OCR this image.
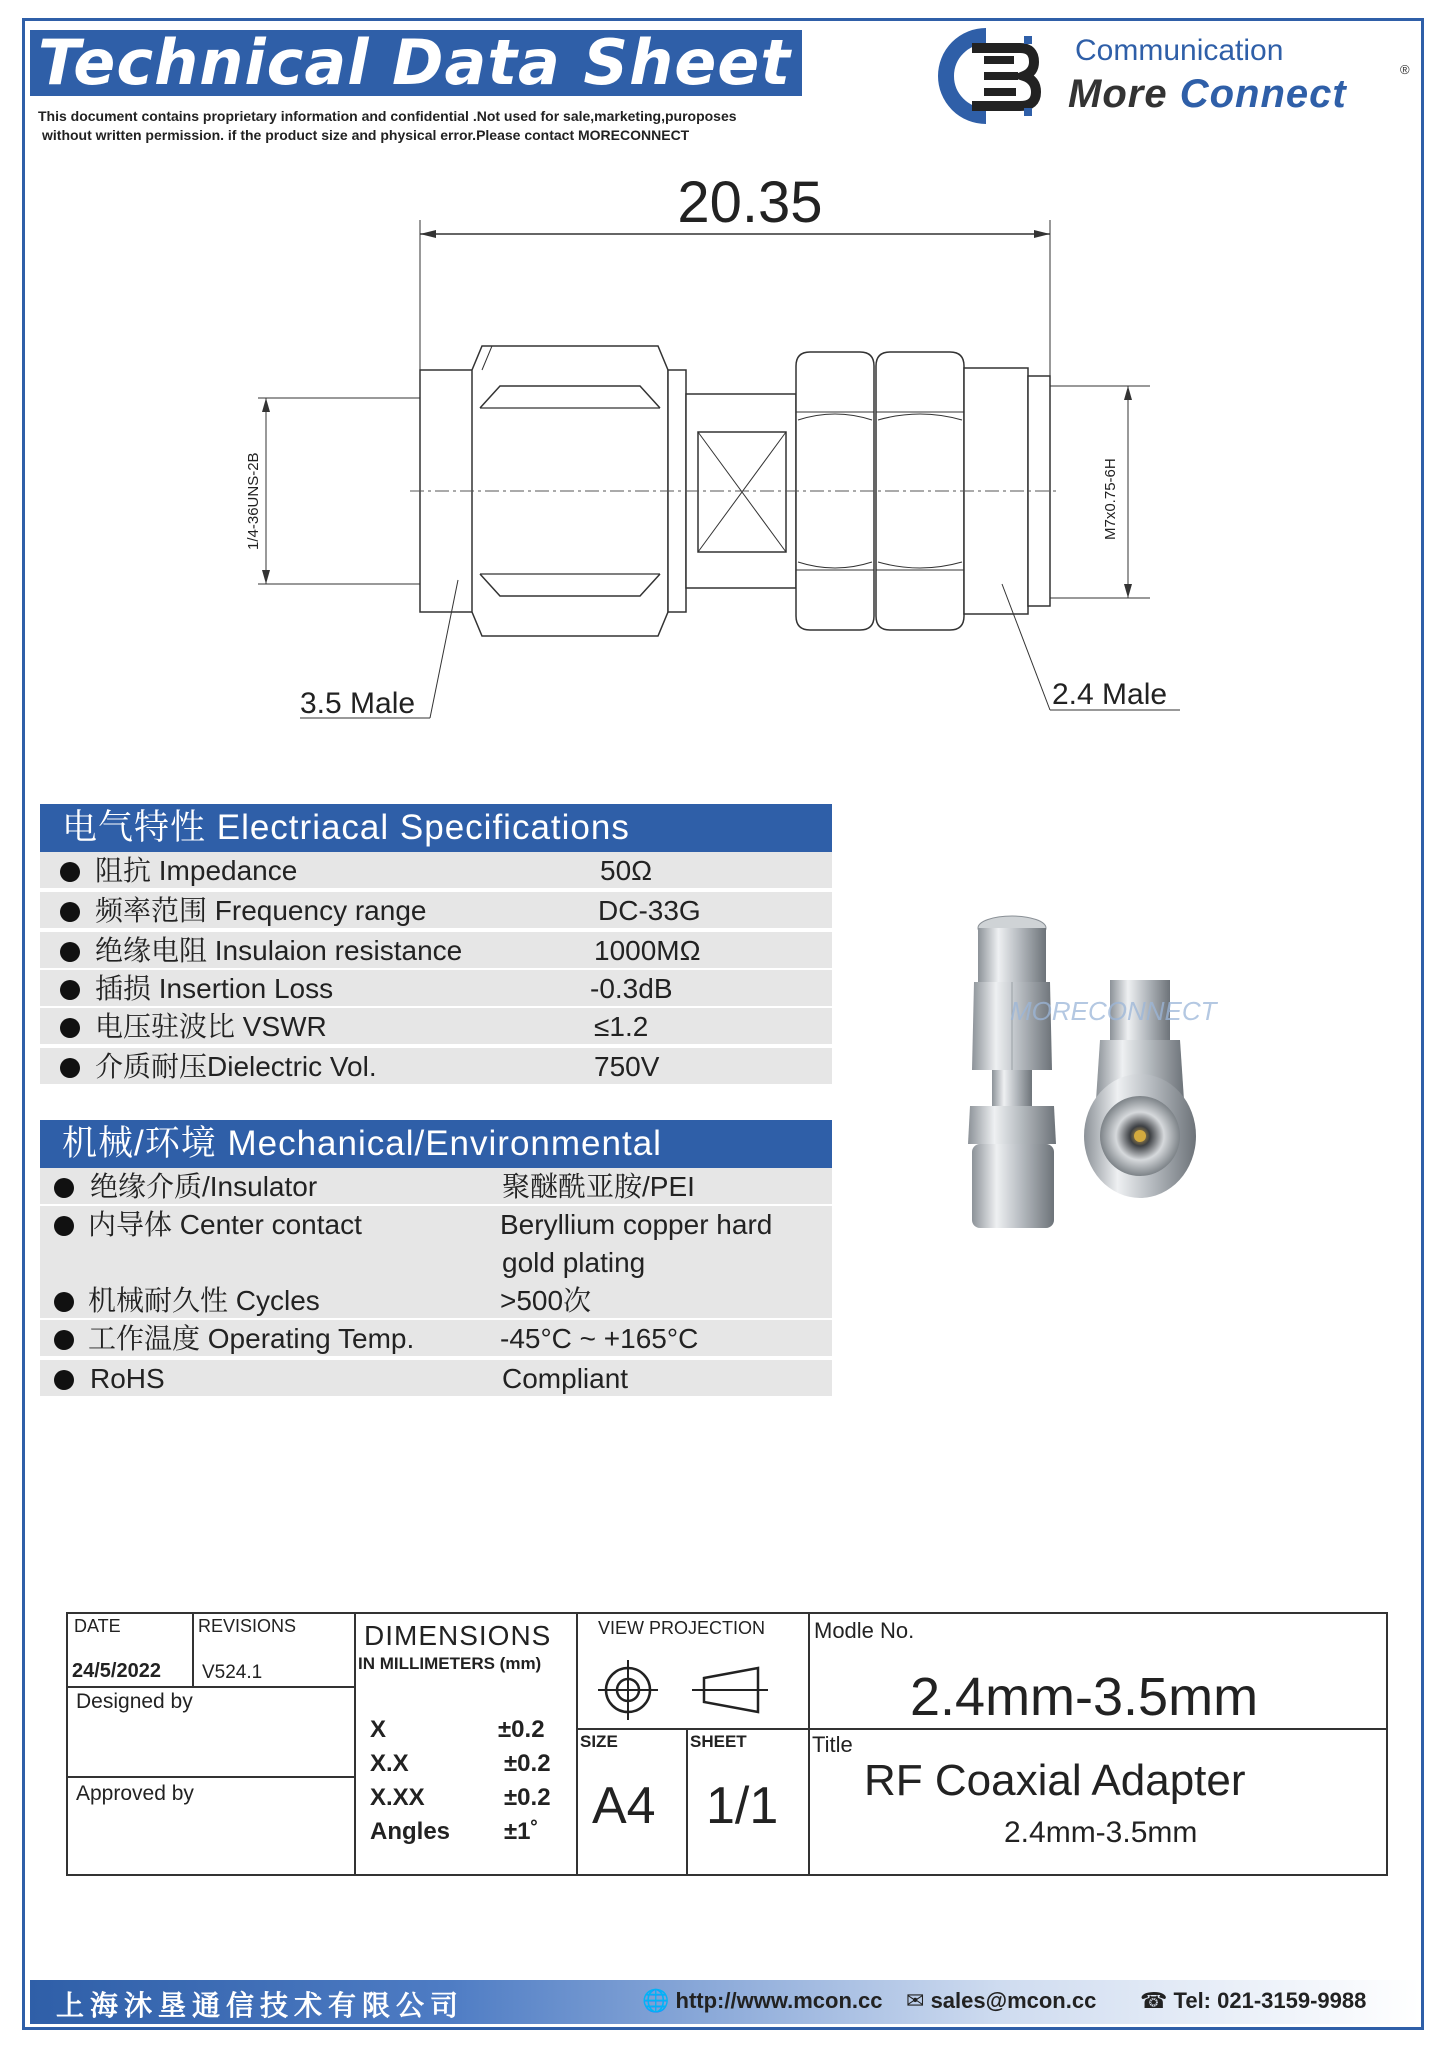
Technical Data Sheet
This document contains proprietary information and confidential .Not used for sale,marketing,puroposes
without written permission. if the product size and physical error.Please contact MORECONNECT
Communication
More Connect
®
20.35
1/4-36UNS-2B	M7x0.75-6H
3.5 Male	2.4 Male
电气特性 Electriacal Specifications
阻抗 Impedance	50Ω
频率范围 Frequency range	DC-33G
绝缘电阻 Insulaion resistance	1000MΩ
插损 Insertion Loss	-0.3dB
电压驻波比 VSWR	≤1.2
介质耐压Dielectric Vol.	750V
机械/环境 Mechanical/Environmental
绝缘介质/Insulator	聚醚酰亚胺/PEI
内导体 Center contact	Beryllium copper hard
gold plating
机械耐久性 Cycles	>500次
工作温度 Operating Temp.	-45°C ~ +165°C
RoHS	Compliant
MORECONNECT
DATE
24/5/2022
REVISIONS
V524.1
Designed by
Approved by
DIMENSIONS
IN MILLIMETERS (mm)
X	±0.2
X.X	±0.2
X.XX	±0.2
Angles ±1˚
VIEW PROJECTION
SIZE
A4
SHEET
1/1
Modle No.
2.4mm-3.5mm
Title
RF Coaxial Adapter
2.4mm-3.5mm
上海沐垦通信技术有限公司	🌐 http://www.mcon.cc ✉ sales@mcon.cc ☎ Tel: 021-3159-9988
